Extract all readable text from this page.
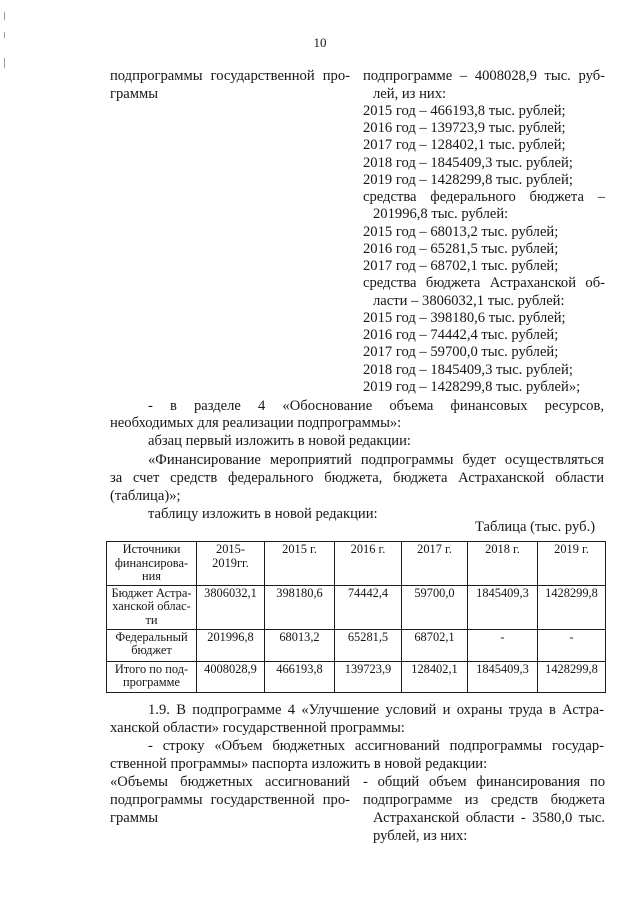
10
подпрограммы государственной про-
граммы
подпрограмме – 4008028,9 тыс. руб-
лей, из них:
2015 год – 466193,8 тыс. рублей;
2016 год – 139723,9 тыс. рублей;
2017 год – 128402,1 тыс. рублей;
2018 год – 1845409,3 тыс. рублей;
2019 год – 1428299,8 тыс. рублей;
средства федерального бюджета –
201996,8 тыс. рублей:
2015 год – 68013,2 тыс. рублей;
2016 год – 65281,5 тыс. рублей;
2017 год – 68702,1 тыс. рублей;
средства бюджета Астраханской об-
ласти – 3806032,1 тыс. рублей:
2015 год – 398180,6 тыс. рублей;
2016 год – 74442,4 тыс. рублей;
2017 год – 59700,0 тыс. рублей;
2018 год – 1845409,3 тыс. рублей;
2019 год – 1428299,8 тыс. рублей»;
- в разделе 4 «Обоснование объема финансовых ресурсов,
необходимых для реализации подпрограммы»:
абзац первый изложить в новой редакции:
«Финансирование мероприятий подпрограммы будет осуществляться
за счет средств федерального бюджета, бюджета Астраханской области
(таблица)»;
таблицу изложить в новой редакции:
Таблица (тыс. руб.)
Источники финансирова-ния	2015-2019гг.	2015 г.	2016 г.	2017 г.	2018 г.	2019 г.
Бюджет Астра-ханской облас-ти	3806032,1	398180,6	74442,4	59700,0	1845409,3	1428299,8
Федеральный бюджет	201996,8	68013,2	65281,5	68702,1	-	-
Итого по под-программе	4008028,9	466193,8	139723,9	128402,1	1845409,3	1428299,8
1.9. В подпрограмме 4 «Улучшение условий и охраны труда в Астра-
ханской области» государственной программы:
- строку «Объем бюджетных ассигнований подпрограммы государ-
ственной программы» паспорта изложить в новой редакции:
«Объемы бюджетных ассигнований
подпрограммы государственной про-
граммы
- общий объем финансирования по
подпрограмме из средств бюджета
Астраханской области - 3580,0 тыс.
рублей, из них:
